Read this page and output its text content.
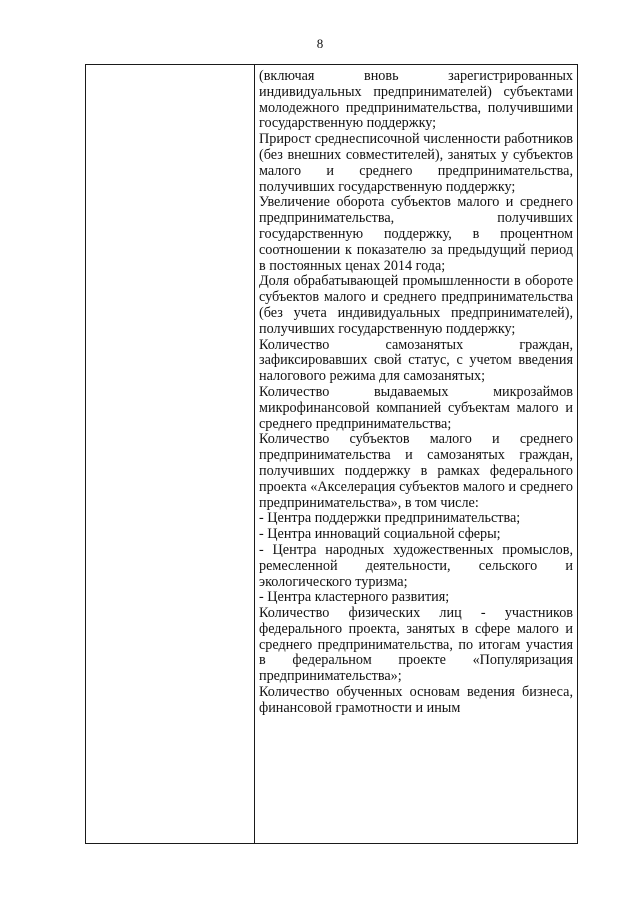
8

(включая вновь зарегистрированных индивидуальных предпринимателей) субъектами молодежного предпринимательства, получившими государственную поддержку;
Прирост среднесписочной численности работников (без внешних совместителей), занятых у субъектов малого и среднего предпринимательства, получивших государственную поддержку;
Увеличение оборота субъектов малого и среднего предпринимательства, получивших государственную поддержку, в процентном соотношении к показателю за предыдущий период в постоянных ценах 2014 года;
Доля обрабатывающей промышленности в обороте субъектов малого и среднего предпринимательства (без учета индивидуальных предпринимателей), получивших государственную поддержку;
Количество самозанятых граждан, зафиксировавших свой статус, с учетом введения налогового режима для самозанятых;
Количество выдаваемых микрозаймов микрофинансовой компанией субъектам малого и среднего предпринимательства;
Количество субъектов малого и среднего предпринимательства и самозанятых граждан, получивших поддержку в рамках федерального проекта «Акселерация субъектов малого и среднего предпринимательства», в том числе:
- Центра поддержки предпринимательства;
- Центра инноваций социальной сферы;
- Центра народных художественных промыслов, ремесленной деятельности, сельского и экологического туризма;
- Центра кластерного развития;
Количество физических лиц - участников федерального проекта, занятых в сфере малого и среднего предпринимательства, по итогам участия в федеральном проекте «Популяризация предпринимательства»;
Количество обученных основам ведения бизнеса, финансовой грамотности и иным
